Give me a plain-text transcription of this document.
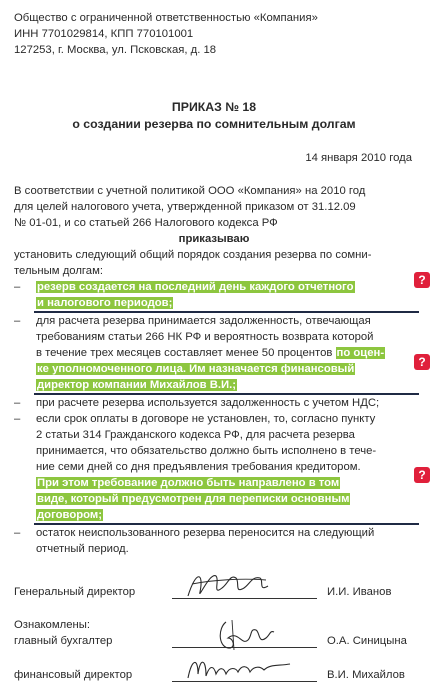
Общество с ограниченной ответственностью «Компания»

ИНН 7701029814, КПП 770101001

127253, г. Москва, ул. Псковская, д. 18

ПРИКАЗ № 18
о создании резерва по сомнительным долгам
14 января 2010 года

В соответствии с учетной политикой ООО «Компания» на 2010 год

для целей налогового учета, утвержденной приказом от 31.12.09

№ 01-01, и со статьей 266 Налогового кодекса РФ

приказываю

установить следующий общий порядок создания резерва по сомни-

тельным долгам:

– резерв создается на последний день каждого отчетного
и налогового периодов;
– для расчета резерва принимается задолженность, отвечающая
требованиям статьи 266 НК РФ и вероятность возврата которой
в течение трех месяцев составляет менее 50 процентов по оцен-
ке уполномоченного лица. Им назначается финансовый
директор компании Михайлов В.И.;
– при расчете резерва используется задолженность с учетом НДС;
– если срок оплаты в договоре не установлен, то, согласно пункту
2 статьи 314 Гражданского кодекса РФ, для расчета резерва
принимается, что обязательство должно быть исполнено в тече-
ние семи дней со дня предъявления требования кредитором.
При этом требование должно быть направлено в том
виде, который предусмотрен для переписки основным
договором;
– остаток неиспользованного резерва переносится на следующий
отчетный период.
?
?
?
Генеральный директор	И.И. Иванов
Ознакомлены:
главный бухгалтер	О.А. Синицына
финансовый директор	В.И. Михайлов
